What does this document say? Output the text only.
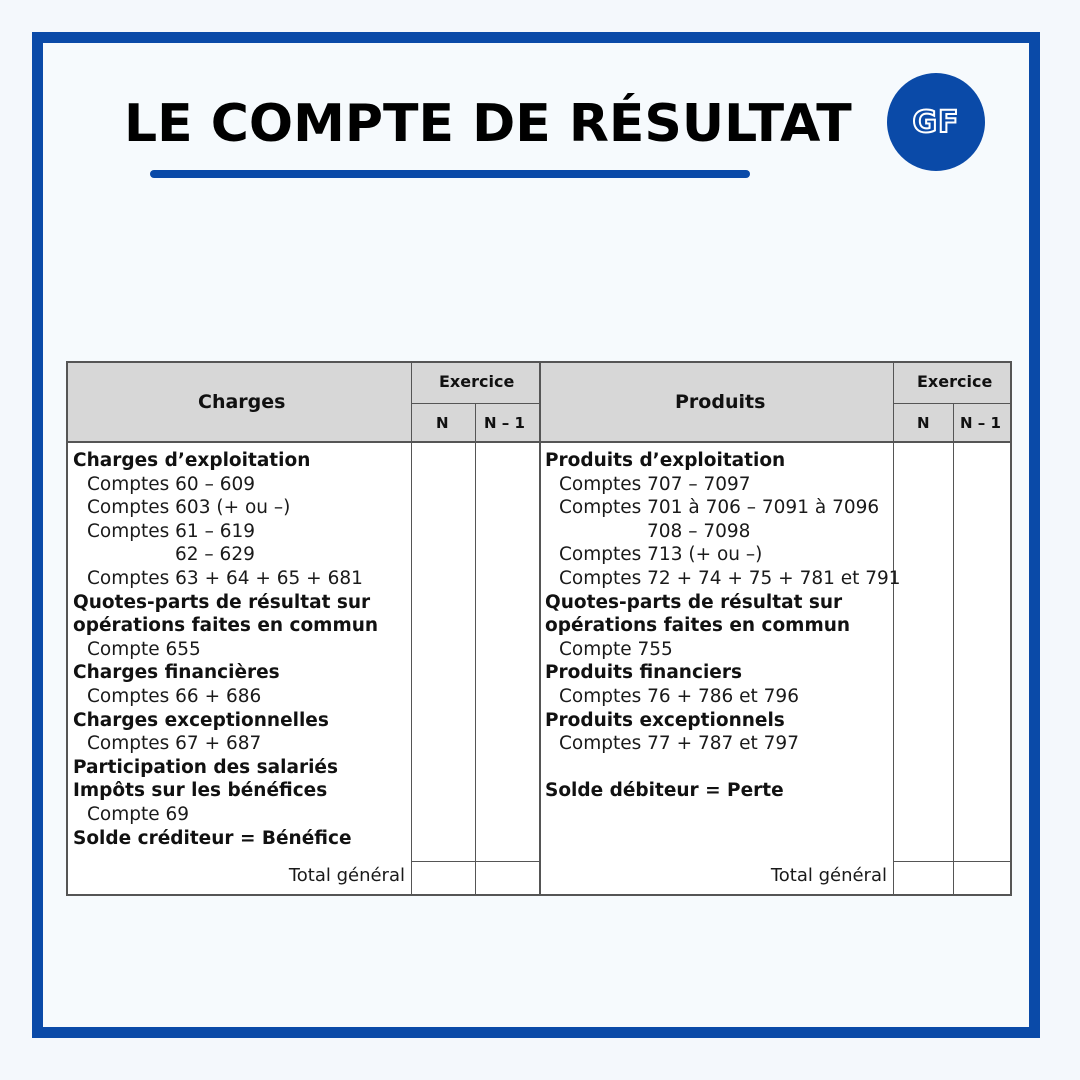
LE COMPTE DE RÉSULTAT GF
Charges
Exercice
N N – 1
Produits
Exercice
N N – 1
Charges d’exploitation
Comptes 60 – 609
Comptes 603 (+ ou –)
Comptes 61 – 619
62 – 629
Comptes 63 + 64 + 65 + 681
Quotes-parts de résultat sur
opérations faites en commun
Compte 655
Charges financières
Comptes 66 + 686
Charges exceptionnelles
Comptes 67 + 687
Participation des salariés
Impôts sur les bénéfices
Compte 69
Solde créditeur = Bénéfice
Produits d’exploitation
Comptes 707 – 7097
Comptes 701 à 706 – 7091 à 7096
708 – 7098
Comptes 713 (+ ou –)
Comptes 72 + 74 + 75 + 781 et 791
Quotes-parts de résultat sur
opérations faites en commun
Compte 755
Produits financiers
Comptes 76 + 786 et 796
Produits exceptionnels
Comptes 77 + 787 et 797
Solde débiteur = Perte
Total général	Total général
